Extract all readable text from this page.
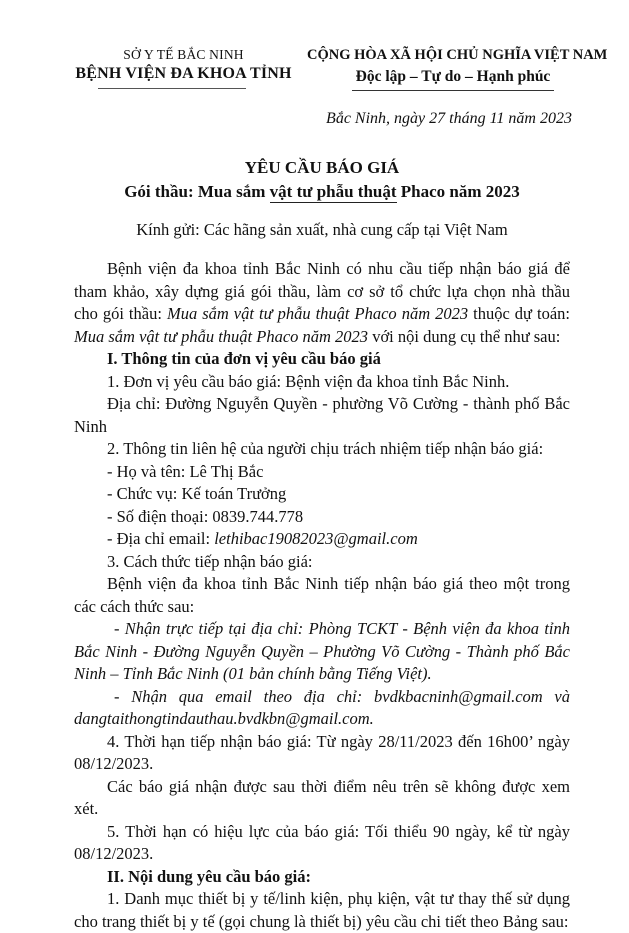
SỞ Y TẾ BẮC NINH
BỆNH VIỆN ĐA KHOA TỈNH
CỘNG HÒA XÃ HỘI CHỦ NGHĨA VIỆT NAM
Độc lập – Tự do – Hạnh phúc
Bắc Ninh, ngày 27 tháng 11 năm 2023
YÊU CẦU BÁO GIÁ
Gói thầu: Mua sắm vật tư phẫu thuật Phaco năm 2023
Kính gửi: Các hãng sản xuất, nhà cung cấp tại Việt Nam

Bệnh viện đa khoa tỉnh Bắc Ninh có nhu cầu tiếp nhận báo giá để tham khảo, xây dựng giá gói thầu, làm cơ sở tổ chức lựa chọn nhà thầu cho gói thầu: Mua sắm vật tư phẫu thuật Phaco năm 2023 thuộc dự toán: Mua sắm vật tư phẫu thuật Phaco năm 2023 với nội dung cụ thể như sau:

I. Thông tin của đơn vị yêu cầu báo giá

1. Đơn vị yêu cầu báo giá: Bệnh viện đa khoa tỉnh Bắc Ninh.

Địa chỉ: Đường Nguyễn Quyền - phường Võ Cường - thành phố Bắc Ninh

2. Thông tin liên hệ của người chịu trách nhiệm tiếp nhận báo giá:

- Họ và tên: Lê Thị Bắc

- Chức vụ: Kế toán Trưởng

- Số điện thoại: 0839.744.778

- Địa chỉ email: lethibac19082023@gmail.com

3. Cách thức tiếp nhận báo giá:

Bệnh viện đa khoa tỉnh Bắc Ninh tiếp nhận báo giá theo một trong các cách thức sau:

- Nhận trực tiếp tại địa chỉ: Phòng TCKT - Bệnh viện đa khoa tỉnh Bắc Ninh - Đường Nguyễn Quyền – Phường Võ Cường - Thành phố Bắc Ninh – Tỉnh Bắc Ninh (01 bản chính bằng Tiếng Việt).

- Nhận qua email theo địa chỉ: bvdkbacninh@gmail.com và dangtaithongtindauthau.bvdkbn@gmail.com.

4. Thời hạn tiếp nhận báo giá: Từ ngày 28/11/2023 đến 16h00’ ngày 08/12/2023.

Các báo giá nhận được sau thời điểm nêu trên sẽ không được xem xét.

5. Thời hạn có hiệu lực của báo giá: Tối thiểu 90 ngày, kể từ ngày 08/12/2023.

II. Nội dung yêu cầu báo giá:

1. Danh mục thiết bị y tế/linh kiện, phụ kiện, vật tư thay thế sử dụng cho trang thiết bị y tế (gọi chung là thiết bị) yêu cầu chi tiết theo Bảng sau:
